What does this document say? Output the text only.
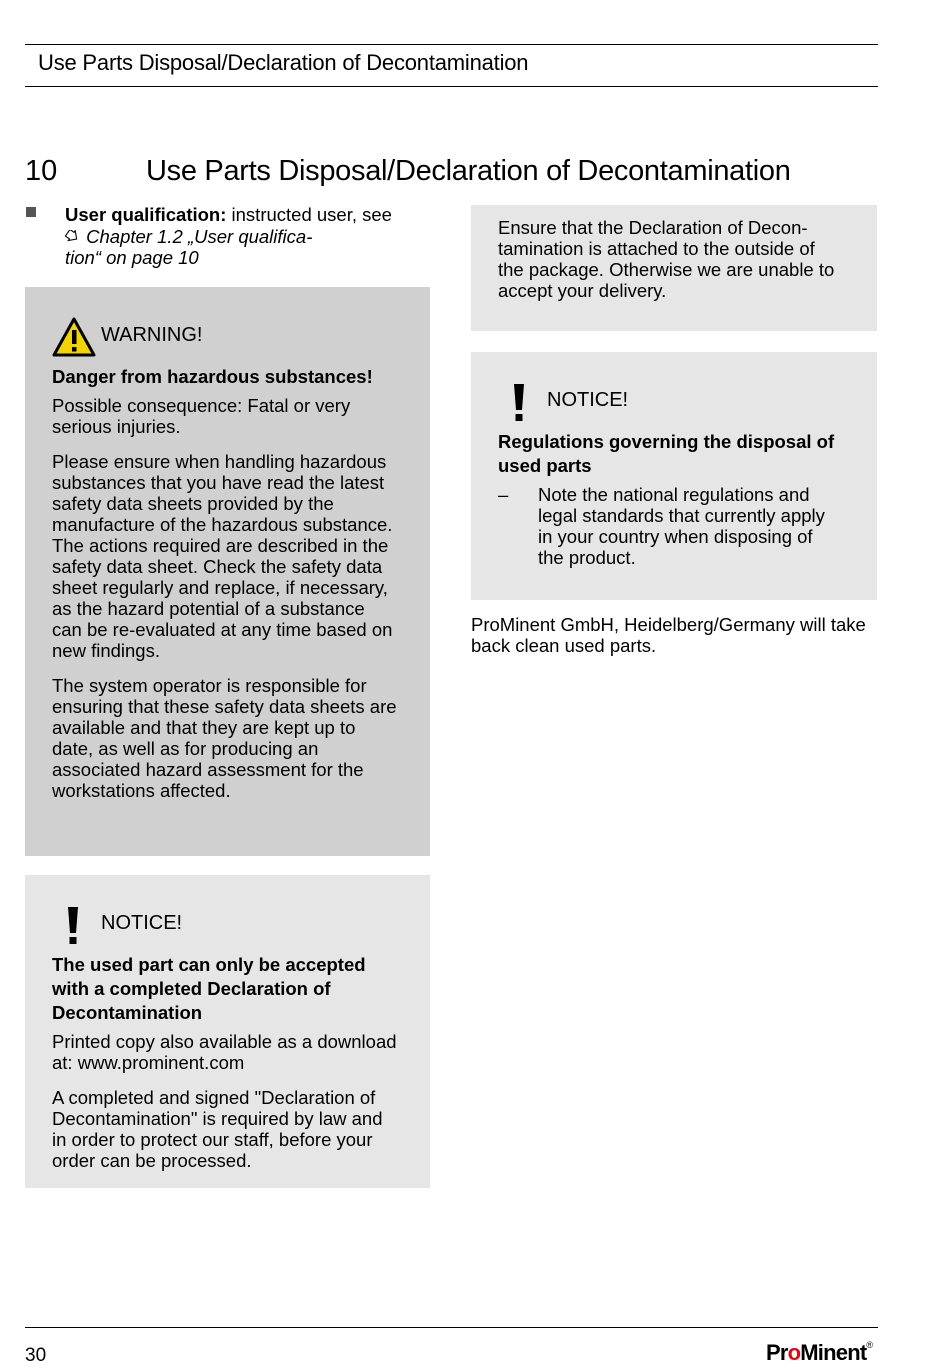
Use Parts Disposal/Declaration of Decontamination
10	Use Parts Disposal/Declaration of Decontamination
User qualification: instructed user, see
Chapter 1.2 „User qualifica-
tion“ on page 10
WARNING!
Danger from hazardous substances!

Possible consequence: Fatal or very serious injuries.

Please ensure when handling hazardous substances that you have read the latest safety data sheets provided by the manufacture of the hazardous substance. The actions required are described in the safety data sheet. Check the safety data sheet regularly and replace, if necessary, as the hazard potential of a substance can be re-evaluated at any time based on new findings.

The system operator is responsible for ensuring that these safety data sheets are available and that they are kept up to date, as well as for producing an associated hazard assessment for the workstations affected.

NOTICE!
The used part can only be accepted with a completed Declaration of Decontamination

Printed copy also available as a download at: www.prominent.com

A completed and signed "Declaration of Decontamination" is required by law and in order to protect our staff, before your order can be processed.

Ensure that the Declaration of Decontamination is attached to the outside of the package. Otherwise we are unable to accept your delivery.
NOTICE!
Regulations governing the disposal of used parts
– Note the national regulations and legal standards that currently apply in your country when disposing of the product.
ProMinent GmbH, Heidelberg/Germany will take back clean used parts.
30	ProMinent®
